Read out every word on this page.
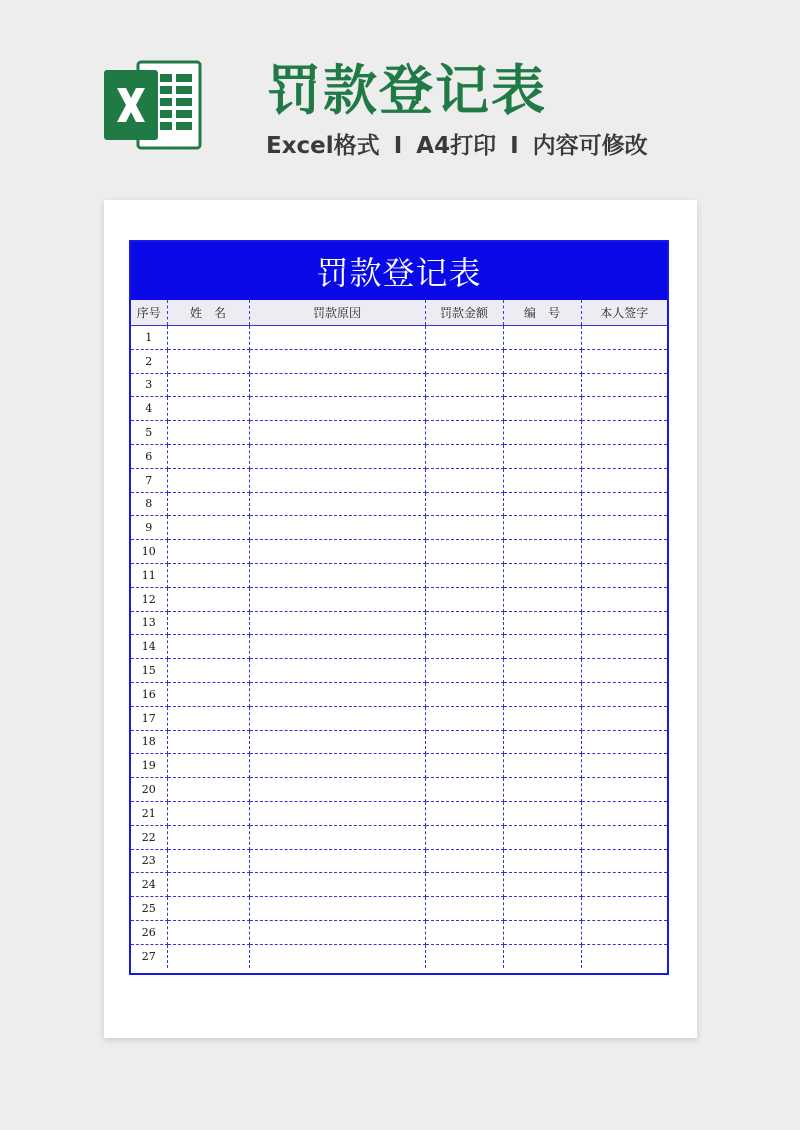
罚款登记表
Excel格式 I A4打印 I 内容可修改
罚款登记表
序号	姓　名	罚款原因	罚款金额	编　号	本人签字
1					
2					
3					
4					
5					
6					
7					
8					
9					
10					
11					
12					
13					
14					
15					
16					
17					
18					
19					
20					
21					
22					
23					
24					
25					
26					
27					
